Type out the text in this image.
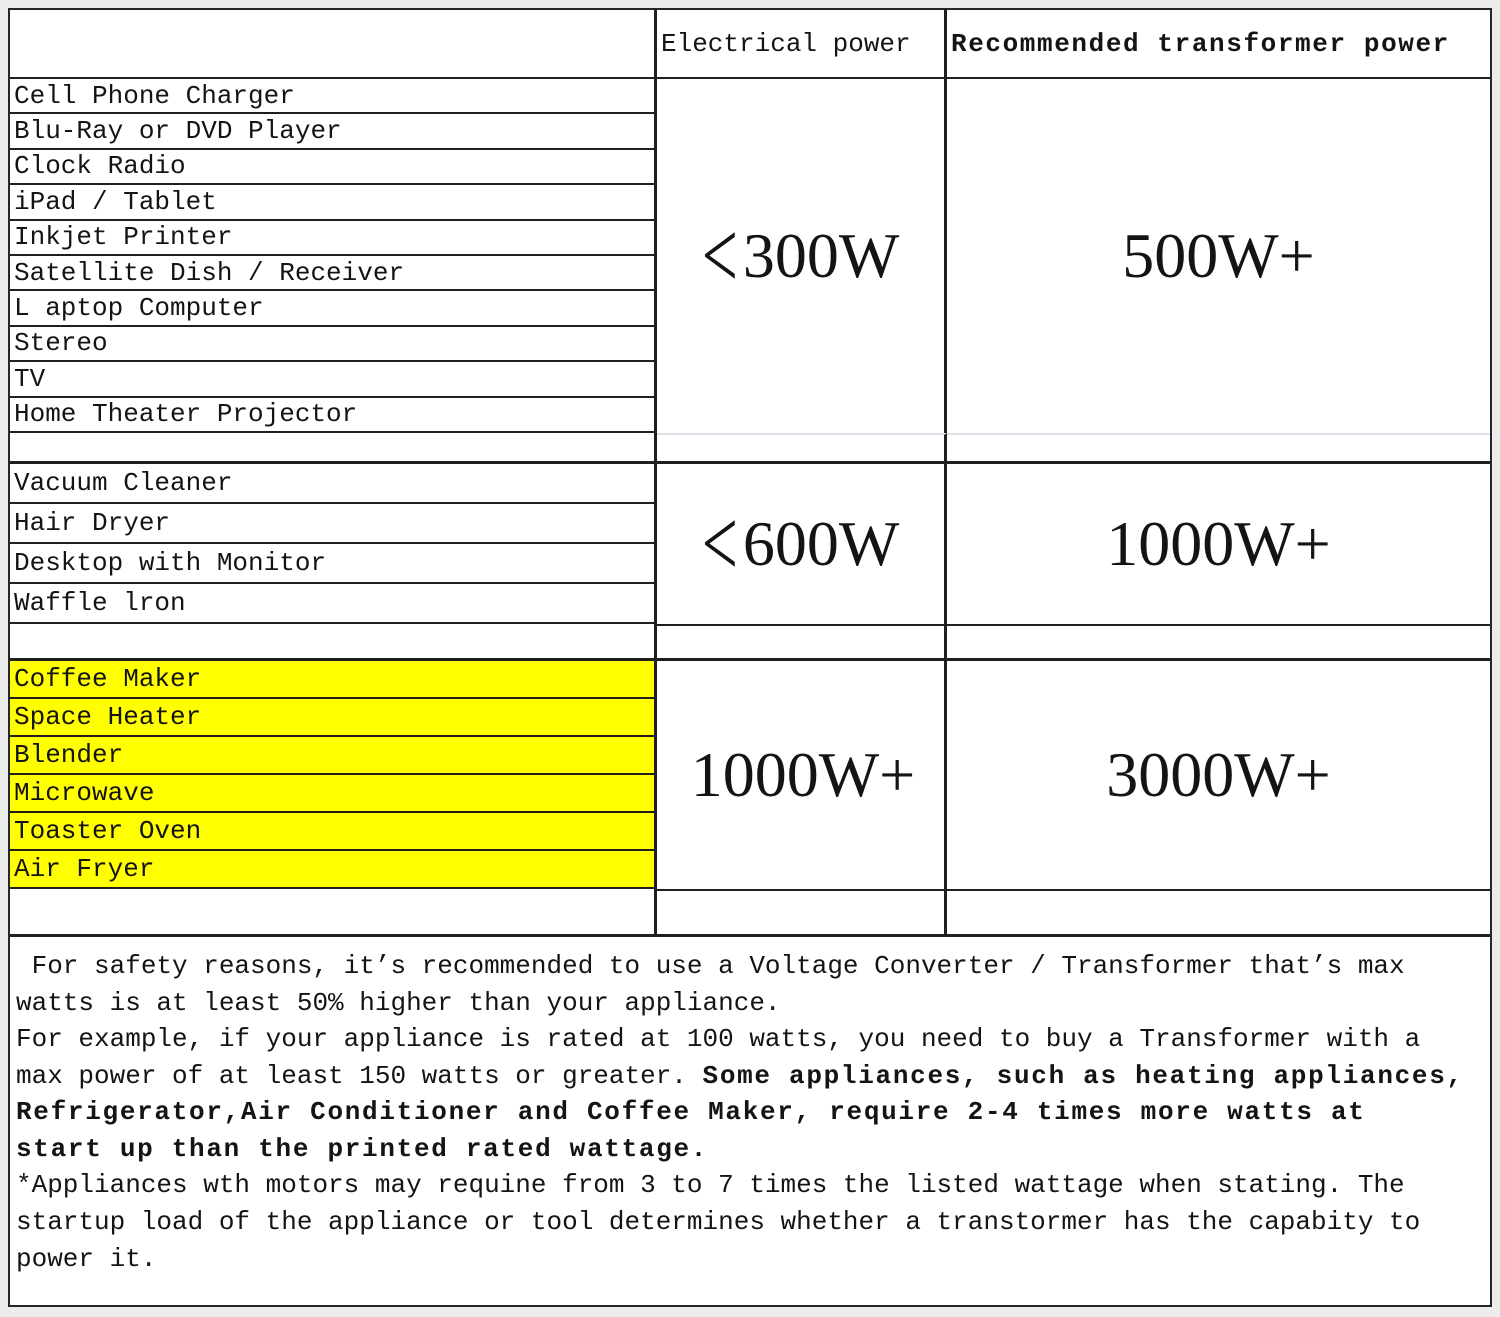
Electrical power	Recommended transformer power
Cell Phone Charger
Blu-Ray or DVD Player
Clock Radio
iPad / Tablet
Inkjet Printer
Satellite Dish / Receiver
L aptop Computer
Stereo
TV
Home Theater Projector
< 300W	500W+
Vacuum Cleaner
Hair Dryer
Desktop with Monitor
Waffle lron
< 600W	1000W+
Coffee Maker
Space Heater
Blender
Microwave
Toaster Oven
Air Fryer
1000W+	3000W+
For safety reasons, it’s recommended to use a Voltage Converter / Transformer that’s max
watts is at least 50% higher than your appliance.
For example, if your appliance is rated at 100 watts, you need to buy a Transformer with a
max power of at least 150 watts or greater. Some appliances, such as heating appliances,
Refrigerator,Air Conditioner and Coffee Maker, require 2-4 times more watts at
start up than the printed rated wattage.
*Appliances wth motors may requine from 3 to 7 times the listed wattage when stating. The
startup load of the appliance or tool determines whether a transtormer has the capabity to
power it.
